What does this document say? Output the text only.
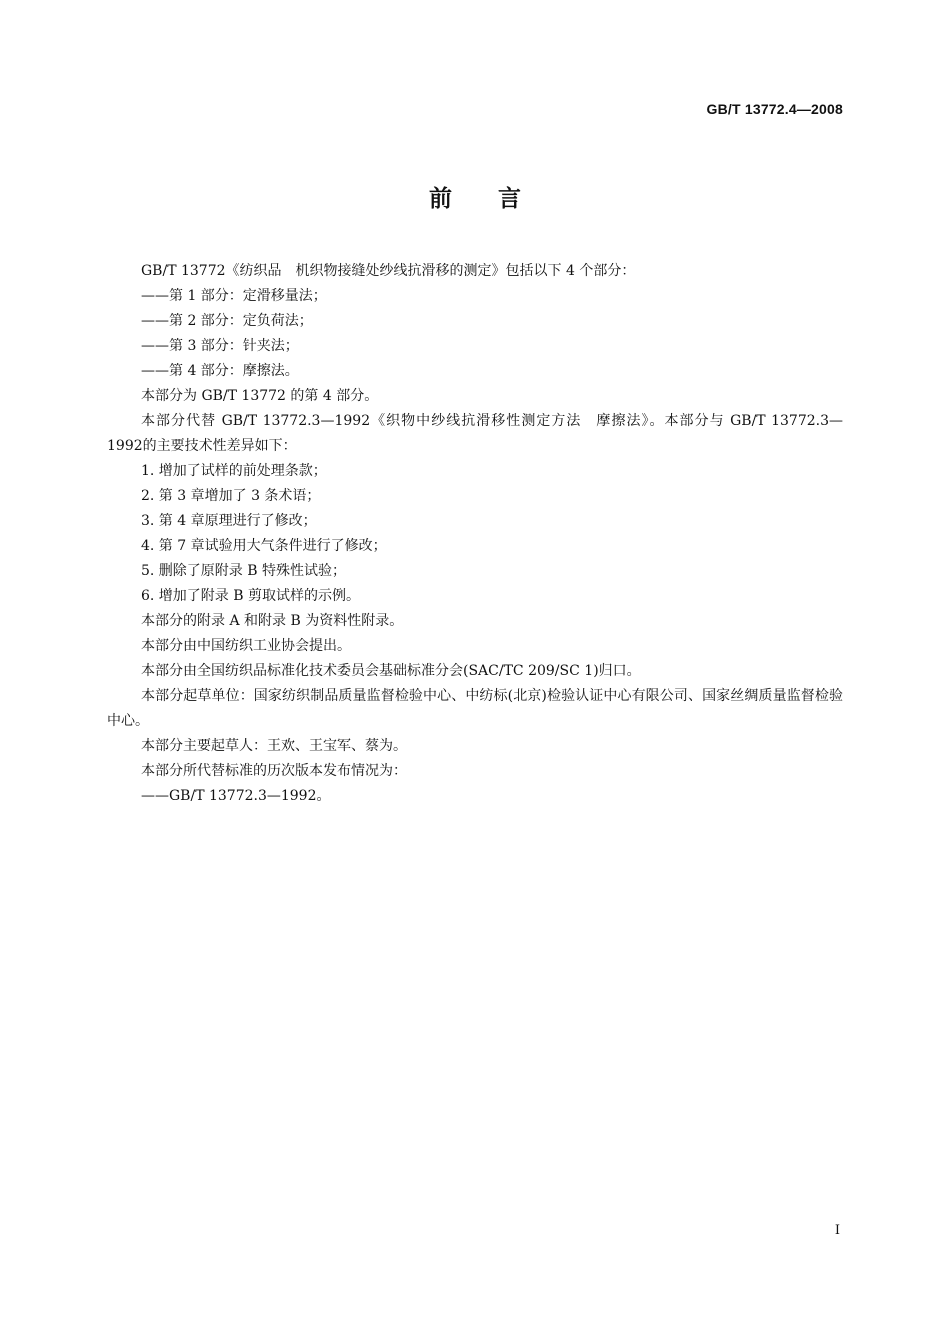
GB/T 13772.4—2008
前言

GB/T 13772《纺织品　机织物接缝处纱线抗滑移的测定》包括以下 4 个部分：

——第 1 部分：定滑移量法；

——第 2 部分：定负荷法；

——第 3 部分：针夹法；

——第 4 部分：摩擦法。

本部分为 GB/T 13772 的第 4 部分。

本部分代替 GB/T 13772.3—1992《织物中纱线抗滑移性测定方法　摩擦法》。本部分与 GB/T 13772.3—1992的主要技术性差异如下：

1. 增加了试样的前处理条款；

2. 第 3 章增加了 3 条术语；

3. 第 4 章原理进行了修改；

4. 第 7 章试验用大气条件进行了修改；

5. 删除了原附录 B 特殊性试验；

6. 增加了附录 B 剪取试样的示例。

本部分的附录 A 和附录 B 为资料性附录。

本部分由中国纺织工业协会提出。

本部分由全国纺织品标准化技术委员会基础标准分会(SAC/TC 209/SC 1)归口。

本部分起草单位：国家纺织制品质量监督检验中心、中纺标(北京)检验认证中心有限公司、国家丝绸质量监督检验中心。

本部分主要起草人：王欢、王宝军、蔡为。

本部分所代替标准的历次版本发布情况为：

——GB/T 13772.3—1992。

I
